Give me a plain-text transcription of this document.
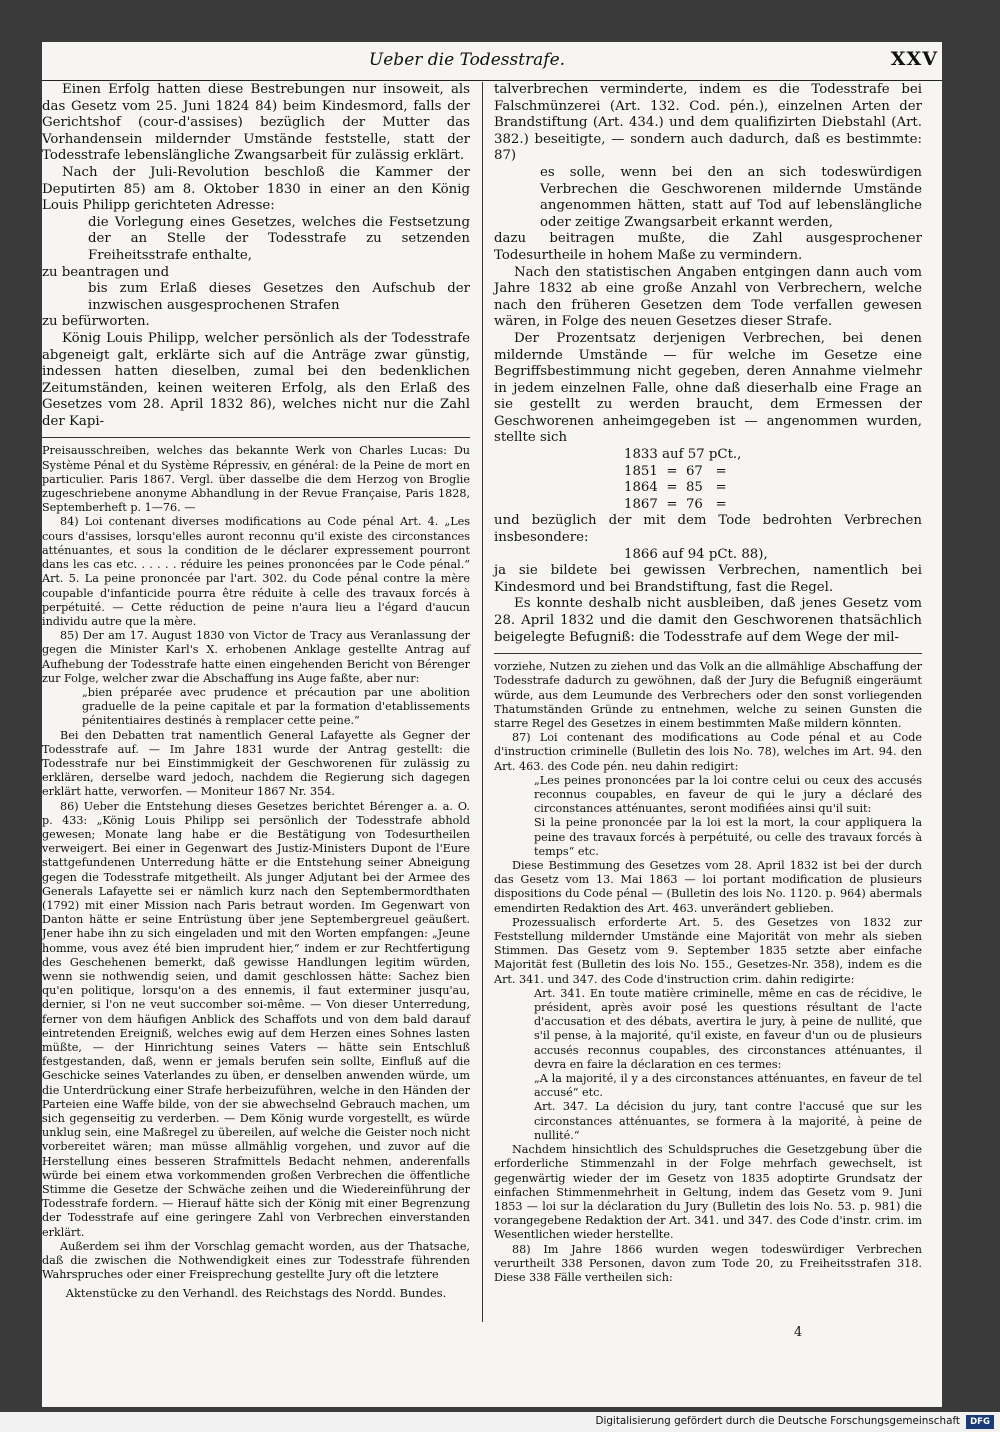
Ueber die Todesstrafe.	XXV

Einen Erfolg hatten diese Bestrebungen nur insoweit, als das Gesetz vom 25. Juni 1824 84) beim Kindesmord, falls der Gerichtshof (cour-d'assises) bezüglich der Mutter das Vorhandensein mildernder Umstände feststelle, statt der Todesstrafe lebenslängliche Zwangsarbeit für zulässig erklärt.

Nach der Juli-Revolution beschloß die Kammer der Deputirten 85) am 8. Oktober 1830 in einer an den König Louis Philipp gerichteten Adresse:

die Vorlegung eines Gesetzes, welches die Festsetzung der an Stelle der Todesstrafe zu setzenden Freiheitsstrafe enthalte,

zu beantragen und

bis zum Erlaß dieses Gesetzes den Aufschub der inzwischen ausgesprochenen Strafen

zu befürworten.

König Louis Philipp, welcher persönlich als der Todesstrafe abgeneigt galt, erklärte sich auf die Anträge zwar günstig, indessen hatten dieselben, zumal bei den bedenklichen Zeitumständen, keinen weiteren Erfolg, als den Erlaß des Gesetzes vom 28. April 1832 86), welches nicht nur die Zahl der Kapi-

Preisausschreiben, welches das bekannte Werk von Charles Lucas: Du Système Pénal et du Système Répressiv, en général: de la Peine de mort en particulier. Paris 1867. Vergl. über dasselbe die dem Herzog von Broglie zugeschriebene anonyme Abhandlung in der Revue Française, Paris 1828, Septemberheft p. 1—76. —

84) Loi contenant diverses modifications au Code pénal Art. 4. „Les cours d'assises, lorsqu'elles auront reconnu qu'il existe des circonstances atténuantes, et sous la condition de le déclarer expressement pourront dans les cas etc. . . . . . réduire les peines prononcées par le Code pénal.“ Art. 5. La peine prononcée par l'art. 302. du Code pénal contre la mère coupable d'infanticide pourra être réduite à celle des travaux forcés à perpétuité. — Cette réduction de peine n'aura lieu a l'égard d'aucun individu autre que la mère.

85) Der am 17. August 1830 von Victor de Tracy aus Veranlassung der gegen die Minister Karl's X. erhobenen Anklage gestellte Antrag auf Aufhebung der Todesstrafe hatte einen eingehenden Bericht von Bérenger zur Folge, welcher zwar die Abschaffung ins Auge faßte, aber nur:

„bien préparée avec prudence et précaution par une abolition graduelle de la peine capitale et par la formation d'etablissements pénitentiaires destinés à remplacer cette peine.“

Bei den Debatten trat namentlich General Lafayette als Gegner der Todesstrafe auf. — Im Jahre 1831 wurde der Antrag gestellt: die Todesstrafe nur bei Einstimmigkeit der Geschworenen für zulässig zu erklären, derselbe ward jedoch, nachdem die Regierung sich dagegen erklärt hatte, verworfen. — Moniteur 1867 Nr. 354.

86) Ueber die Entstehung dieses Gesetzes berichtet Bérenger a. a. O. p. 433: „König Louis Philipp sei persönlich der Todesstrafe abhold gewesen; Monate lang habe er die Bestätigung von Todesurtheilen verweigert. Bei einer in Gegenwart des Justiz-Ministers Dupont de l'Eure stattgefundenen Unterredung hätte er die Entstehung seiner Abneigung gegen die Todesstrafe mitgetheilt. Als junger Adjutant bei der Armee des Generals Lafayette sei er nämlich kurz nach den Septembermordthaten (1792) mit einer Mission nach Paris betraut worden. Im Gegenwart von Danton hätte er seine Entrüstung über jene Septembergreuel geäußert. Jener habe ihn zu sich eingeladen und mit den Worten empfangen: „Jeune homme, vous avez été bien imprudent hier,“ indem er zur Rechtfertigung des Geschehenen bemerkt, daß gewisse Handlungen legitim würden, wenn sie nothwendig seien, und damit geschlossen hätte: Sachez bien qu'en politique, lorsqu'on a des ennemis, il faut exterminer jusqu'au, dernier, si l'on ne veut succomber soi-même. — Von dieser Unterredung, ferner von dem häufigen Anblick des Schaffots und von dem bald darauf eintretenden Ereigniß, welches ewig auf dem Herzen eines Sohnes lasten müßte, — der Hinrichtung seines Vaters — hätte sein Entschluß festgestanden, daß, wenn er jemals berufen sein sollte, Einfluß auf die Geschicke seines Vaterlandes zu üben, er denselben anwenden würde, um die Unterdrückung einer Strafe herbeizuführen, welche in den Händen der Parteien eine Waffe bilde, von der sie abwechselnd Gebrauch machen, um sich gegenseitig zu verderben. — Dem König wurde vorgestellt, es würde unklug sein, eine Maßregel zu übereilen, auf welche die Geister noch nicht vorbereitet wären; man müsse allmählig vorgehen, und zuvor auf die Herstellung eines besseren Strafmittels Bedacht nehmen, anderenfalls würde bei einem etwa vorkommenden großen Verbrechen die öffentliche Stimme die Gesetze der Schwäche zeihen und die Wiedereinführung der Todesstrafe fordern. — Hierauf hätte sich der König mit einer Begrenzung der Todesstrafe auf eine geringere Zahl von Verbrechen einverstanden erklärt.

Außerdem sei ihm der Vorschlag gemacht worden, aus der Thatsache, daß die zwischen die Nothwendigkeit eines zur Todesstrafe führenden Wahrspruches oder einer Freisprechung gestellte Jury oft die letztere

Aktenstücke zu den Verhandl. des Reichstags des Nordd. Bundes.

talverbrechen verminderte, indem es die Todesstrafe bei Falschmünzerei (Art. 132. Cod. pén.), einzelnen Arten der Brandstiftung (Art. 434.) und dem qualifizirten Diebstahl (Art. 382.) beseitigte, — sondern auch dadurch, daß es bestimmte: 87)

es solle, wenn bei den an sich todeswürdigen Verbrechen die Geschworenen mildernde Umstände angenommen hätten, statt auf Tod auf lebenslängliche oder zeitige Zwangsarbeit erkannt werden,

dazu beitragen mußte, die Zahl ausgesprochener Todesurtheile in hohem Maße zu vermindern.

Nach den statistischen Angaben entgingen dann auch vom Jahre 1832 ab eine große Anzahl von Verbrechern, welche nach den früheren Gesetzen dem Tode verfallen gewesen wären, in Folge des neuen Gesetzes dieser Strafe.

Der Prozentsatz derjenigen Verbrechen, bei denen mildernde Umstände — für welche im Gesetze eine Begriffsbestimmung nicht gegeben, deren Annahme vielmehr in jedem einzelnen Falle, ohne daß dieserhalb eine Frage an sie gestellt zu werden braucht, dem Ermessen der Geschworenen anheimgegeben ist — angenommen wurden, stellte sich

1833 auf 57 pCt.,
1851 = 67 =
1864 = 85 =
1867 = 76 =

und bezüglich der mit dem Tode bedrohten Verbrechen insbesondere:

1866 auf 94 pCt. 88),

ja sie bildete bei gewissen Verbrechen, namentlich bei Kindesmord und bei Brandstiftung, fast die Regel.

Es konnte deshalb nicht ausbleiben, daß jenes Gesetz vom 28. April 1832 und die damit den Geschworenen thatsächlich beigelegte Befugniß: die Todesstrafe auf dem Wege der mil-

vorziehe, Nutzen zu ziehen und das Volk an die allmählige Abschaffung der Todesstrafe dadurch zu gewöhnen, daß der Jury die Befugniß eingeräumt würde, aus dem Leumunde des Verbrechers oder den sonst vorliegenden Thatumständen Gründe zu entnehmen, welche zu seinen Gunsten die starre Regel des Gesetzes in einem bestimmten Maße mildern könnten.

87) Loi contenant des modifications au Code pénal et au Code d'instruction criminelle (Bulletin des lois No. 78), welches im Art. 94. den Art. 463. des Code pén. neu dahin redigirt:

„Les peines prononcées par la loi contre celui ou ceux des accusés reconnus coupables, en faveur de qui le jury a déclaré des circonstances atténuantes, seront modifiées ainsi qu'il suit:

Si la peine prononcée par la loi est la mort, la cour appliquera la peine des travaux forcés à perpétuité, ou celle des travaux forcés à temps“ etc.

Diese Bestimmung des Gesetzes vom 28. April 1832 ist bei der durch das Gesetz vom 13. Mai 1863 — loi portant modification de plusieurs dispositions du Code pénal — (Bulletin des lois No. 1120. p. 964) abermals emendirten Redaktion des Art. 463. unverändert geblieben.

Prozessualisch erforderte Art. 5. des Gesetzes von 1832 zur Feststellung mildernder Umstände eine Majorität von mehr als sieben Stimmen. Das Gesetz vom 9. September 1835 setzte aber einfache Majorität fest (Bulletin des lois No. 155., Gesetzes-Nr. 358), indem es die Art. 341. und 347. des Code d'instruction crim. dahin redigirte:

Art. 341. En toute matière criminelle, même en cas de récidive, le président, après avoir posé les questions résultant de l'acte d'accusation et des débats, avertira le jury, à peine de nullité, que s'il pense, à la majorité, qu'il existe, en faveur d'un ou de plusieurs accusés reconnus coupables, des circonstances atténuantes, il devra en faire la déclaration en ces termes:

„A la majorité, il y a des circonstances atténuantes, en faveur de tel accusé“ etc.

Art. 347. La décision du jury, tant contre l'accusé que sur les circonstances atténuantes, se formera à la majorité, à peine de nullité.“

Nachdem hinsichtlich des Schuldspruches die Gesetzgebung über die erforderliche Stimmenzahl in der Folge mehrfach gewechselt, ist gegenwärtig wieder der im Gesetz von 1835 adoptirte Grundsatz der einfachen Stimmenmehrheit in Geltung, indem das Gesetz vom 9. Juni 1853 — loi sur la déclaration du Jury (Bulletin des lois No. 53. p. 981) die vorangegebene Redaktion der Art. 341. und 347. des Code d'instr. crim. im Wesentlichen wieder herstellte.

88) Im Jahre 1866 wurden wegen todeswürdiger Verbrechen verurtheilt 338 Personen, davon zum Tode 20, zu Freiheitsstrafen 318. Diese 338 Fälle vertheilen sich:

4
Digitalisierung gefördert durch die Deutsche Forschungsgemeinschaft	DFG
